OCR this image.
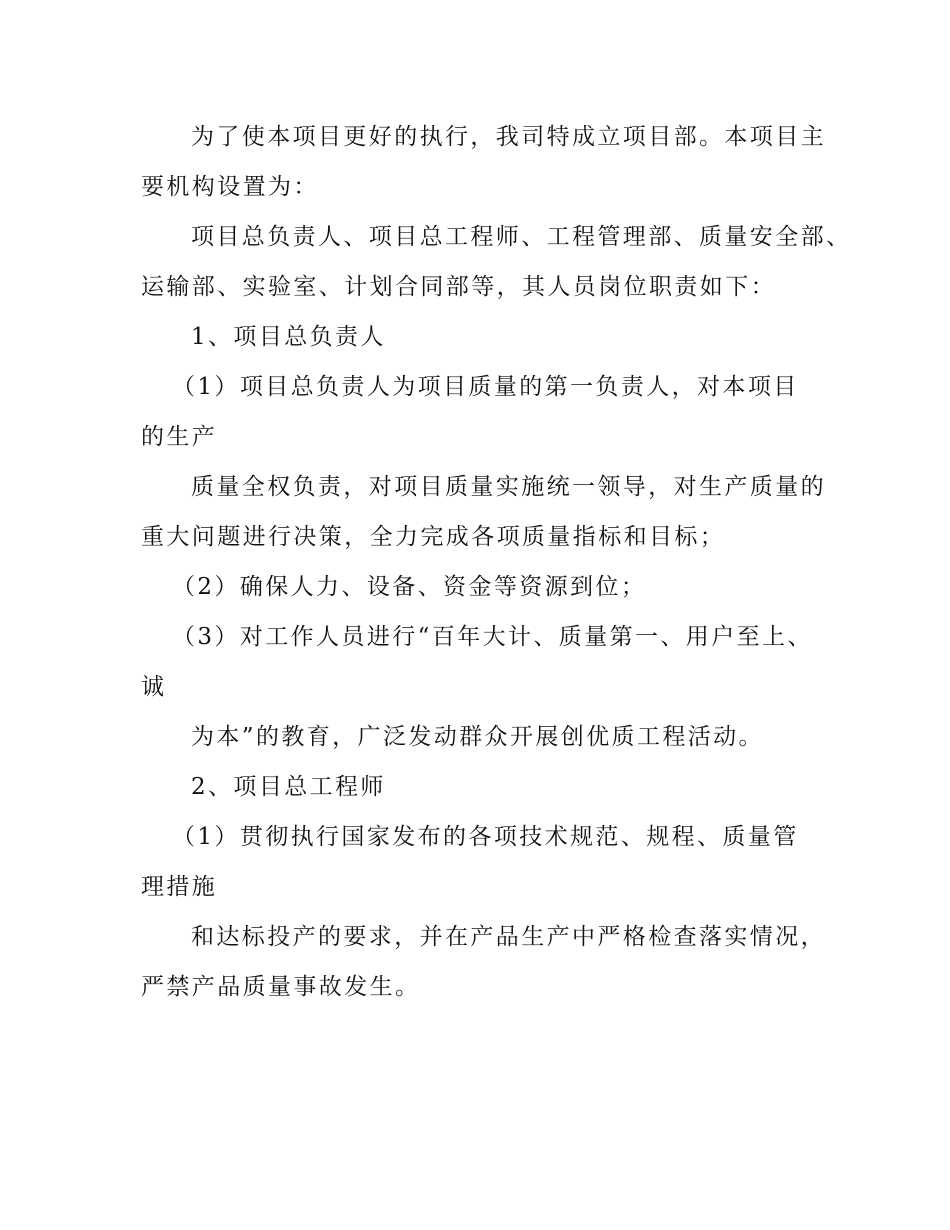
为了使本项目更好的执行，我司特成立项目部。本项目主
要机构设置为：
项目总负责人、项目总工程师、工程管理部、质量安全部、
运输部、实验室、计划合同部等，其人员岗位职责如下：
1、项目总负责人
（1）项目总负责人为项目质量的第一负责人，对本项目
的生产
质量全权负责，对项目质量实施统一领导，对生产质量的
重大问题进行决策，全力完成各项质量指标和目标；
（2）确保人力、设备、资金等资源到位；
（3）对工作人员进行“百年大计、质量第一、用户至上、
诚
为本”的教育，广泛发动群众开展创优质工程活动。
2、项目总工程师
（1）贯彻执行国家发布的各项技术规范、规程、质量管
理措施
和达标投产的要求，并在产品生产中严格检查落实情况，
严禁产品质量事故发生。
